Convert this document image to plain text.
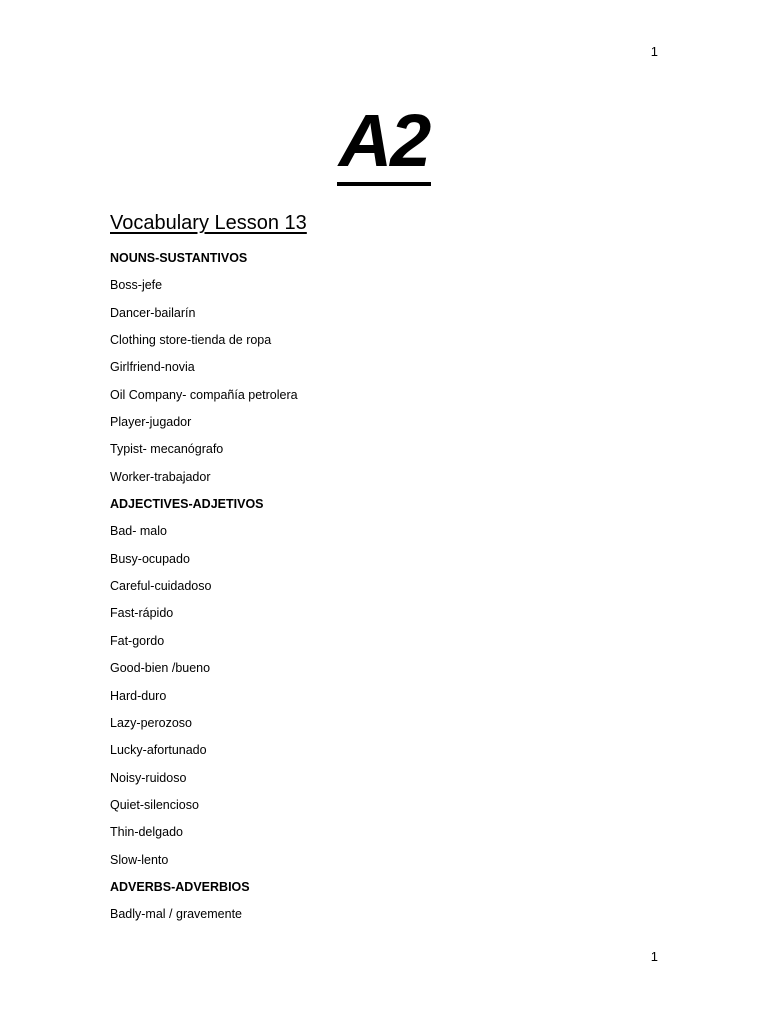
1
A2
Vocabulary Lesson 13
NOUNS-SUSTANTIVOS
Boss-jefe
Dancer-bailarín
Clothing store-tienda de ropa
Girlfriend-novia
Oil Company- compañía petrolera
Player-jugador
Typist- mecanógrafo
Worker-trabajador
ADJECTIVES-ADJETIVOS
Bad- malo
Busy-ocupado
Careful-cuidadoso
Fast-rápido
Fat-gordo
Good-bien /bueno
Hard-duro
Lazy-perozoso
Lucky-afortunado
Noisy-ruidoso
Quiet-silencioso
Thin-delgado
Slow-lento
ADVERBS-ADVERBIOS
Badly-mal / gravemente
1
